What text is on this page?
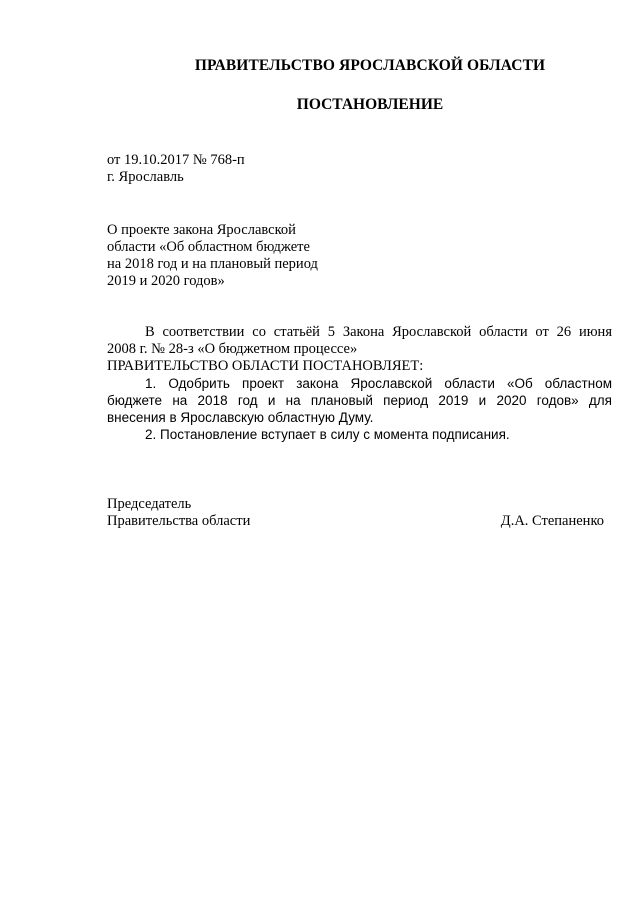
ПРАВИТЕЛЬСТВО ЯРОСЛАВСКОЙ ОБЛАСТИ
ПОСТАНОВЛЕНИЕ
от 19.10.2017 № 768-п
г. Ярославль
О проекте закона Ярославской
области «Об областном бюджете
на 2018 год и на плановый период
2019 и 2020 годов»
В соответствии со статьёй 5 Закона Ярославской области от 26 июня
2008 г. № 28-з «О бюджетном процессе»
ПРАВИТЕЛЬСТВО ОБЛАСТИ ПОСТАНОВЛЯЕТ:
1. Одобрить проект закона Ярославской области «Об областном
бюджете на 2018 год и на плановый период 2019 и 2020 годов» для
внесения в Ярославскую областную Думу.
2. Постановление вступает в силу с момента подписания.
Председатель
Правительства области	Д.А. Степаненко
